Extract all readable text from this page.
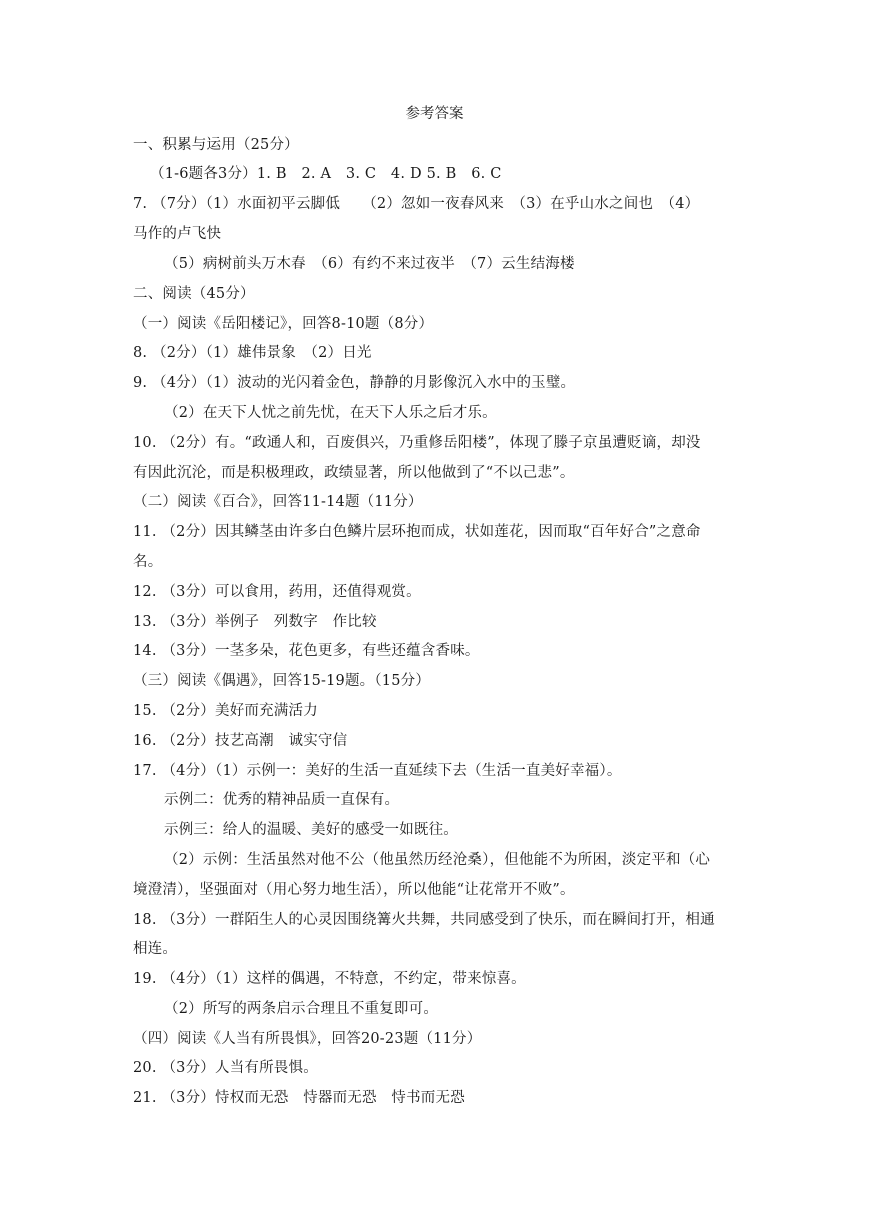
参考答案
一、积累与运用（25分）
（1-6题各3分）1. B　2. A　3. C　4. D 5. B　6. C
7. （7分）（1）水面初平云脚低　　（2）忽如一夜春风来　（3）在乎山水之间也　（4）
马作的卢飞快
（5）病树前头万木春　（6）有约不来过夜半　（7）云生结海楼
二、阅读（45分）
（一）阅读《岳阳楼记》，回答8-10题（8分）
8. （2分）（1）雄伟景象　（2）日光
9. （4分）（1）波动的光闪着金色，静静的月影像沉入水中的玉璧。
（2）在天下人忧之前先忧，在天下人乐之后才乐。
10. （2分）有。“政通人和，百废俱兴，乃重修岳阳楼”，体现了滕子京虽遭贬谪，却没
有因此沉沦，而是积极理政，政绩显著，所以他做到了“不以己悲”。
（二）阅读《百合》，回答11-14题（11分）
11. （2分）因其鳞茎由许多白色鳞片层环抱而成，状如莲花，因而取“百年好合”之意命
名。
12. （3分）可以食用，药用，还值得观赏。
13. （3分）举例子　列数字　作比较
14. （3分）一茎多朵，花色更多，有些还蕴含香味。
（三）阅读《偶遇》，回答15-19题。（15分）
15. （2分）美好而充满活力
16. （2分）技艺高潮　诚实守信
17. （4分）（1）示例一：美好的生活一直延续下去（生活一直美好幸福）。
示例二：优秀的精神品质一直保有。
示例三：给人的温暖、美好的感受一如既往。
（2）示例：生活虽然对他不公（他虽然历经沧桑），但他能不为所困，淡定平和（心
境澄清），坚强面对（用心努力地生活），所以他能“让花常开不败”。
18. （3分）一群陌生人的心灵因围绕篝火共舞，共同感受到了快乐，而在瞬间打开，相通
相连。
19. （4分）（1）这样的偶遇，不特意，不约定，带来惊喜。
（2）所写的两条启示合理且不重复即可。
（四）阅读《人当有所畏惧》，回答20-23题（11分）
20. （3分）人当有所畏惧。
21. （3分）恃权而无恐　恃器而无恐　恃书而无恐
